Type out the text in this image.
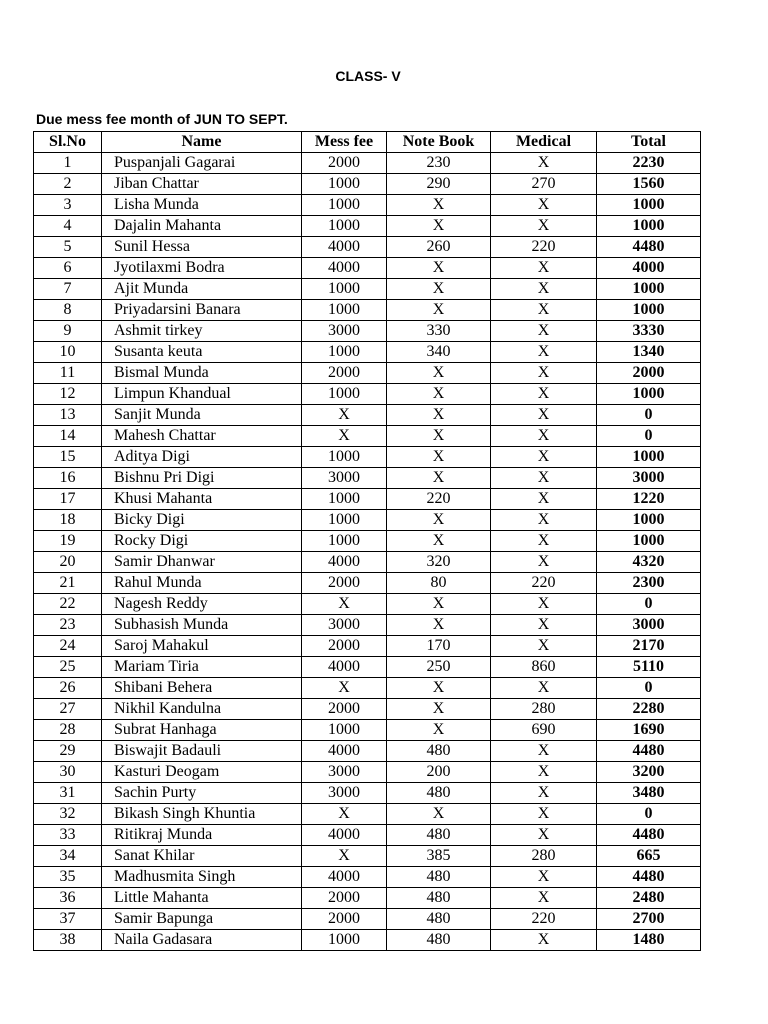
CLASS- V
Due mess fee month of JUN TO SEPT.
Sl.No	Name	Mess fee	Note Book	Medical	Total
1	Puspanjali Gagarai	2000	230	X	2230
2	Jiban Chattar	1000	290	270	1560
3	Lisha Munda	1000	X	X	1000
4	Dajalin Mahanta	1000	X	X	1000
5	Sunil Hessa	4000	260	220	4480
6	Jyotilaxmi Bodra	4000	X	X	4000
7	Ajit Munda	1000	X	X	1000
8	Priyadarsini Banara	1000	X	X	1000
9	Ashmit tirkey	3000	330	X	3330
10	Susanta keuta	1000	340	X	1340
11	Bismal Munda	2000	X	X	2000
12	Limpun Khandual	1000	X	X	1000
13	Sanjit Munda	X	X	X	0
14	Mahesh Chattar	X	X	X	0
15	Aditya Digi	1000	X	X	1000
16	Bishnu Pri Digi	3000	X	X	3000
17	Khusi Mahanta	1000	220	X	1220
18	Bicky Digi	1000	X	X	1000
19	Rocky Digi	1000	X	X	1000
20	Samir Dhanwar	4000	320	X	4320
21	Rahul Munda	2000	80	220	2300
22	Nagesh Reddy	X	X	X	0
23	Subhasish Munda	3000	X	X	3000
24	Saroj Mahakul	2000	170	X	2170
25	Mariam Tiria	4000	250	860	5110
26	Shibani Behera	X	X	X	0
27	Nikhil Kandulna	2000	X	280	2280
28	Subrat Hanhaga	1000	X	690	1690
29	Biswajit Badauli	4000	480	X	4480
30	Kasturi Deogam	3000	200	X	3200
31	Sachin Purty	3000	480	X	3480
32	Bikash Singh Khuntia	X	X	X	0
33	Ritikraj Munda	4000	480	X	4480
34	Sanat Khilar	X	385	280	665
35	Madhusmita Singh	4000	480	X	4480
36	Little Mahanta	2000	480	X	2480
37	Samir Bapunga	2000	480	220	2700
38	Naila Gadasara	1000	480	X	1480
